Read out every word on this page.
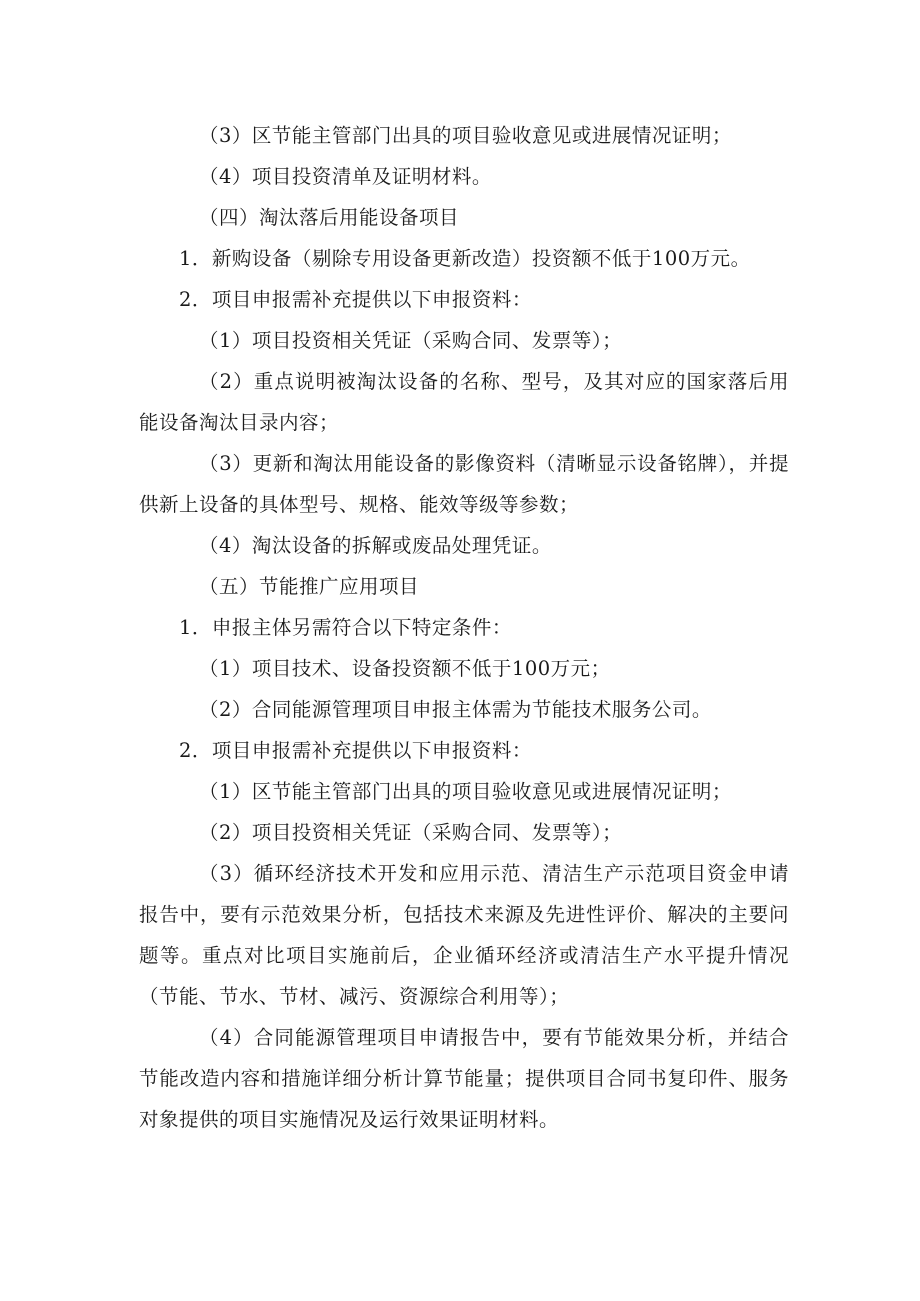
（3）区节能主管部门出具的项目验收意见或进展情况证明；

（4）项目投资清单及证明材料。

（四）淘汰落后用能设备项目

1．新购设备（剔除专用设备更新改造）投资额不低于100万元。

2．项目申报需补充提供以下申报资料：

（1）项目投资相关凭证（采购合同、发票等）；

（2）重点说明被淘汰设备的名称、型号，及其对应的国家落后用能设备淘汰目录内容；

（3）更新和淘汰用能设备的影像资料（清晰显示设备铭牌），并提供新上设备的具体型号、规格、能效等级等参数；

（4）淘汰设备的拆解或废品处理凭证。

（五）节能推广应用项目

1．申报主体另需符合以下特定条件：

（1）项目技术、设备投资额不低于100万元；

（2）合同能源管理项目申报主体需为节能技术服务公司。

2．项目申报需补充提供以下申报资料：

（1）区节能主管部门出具的项目验收意见或进展情况证明；

（2）项目投资相关凭证（采购合同、发票等）；

（3）循环经济技术开发和应用示范、清洁生产示范项目资金申请报告中，要有示范效果分析，包括技术来源及先进性评价、解决的主要问题等。重点对比项目实施前后，企业循环经济或清洁生产水平提升情况（节能、节水、节材、减污、资源综合利用等）；

（4）合同能源管理项目申请报告中，要有节能效果分析，并结合节能改造内容和措施详细分析计算节能量；提供项目合同书复印件、服务对象提供的项目实施情况及运行效果证明材料。
